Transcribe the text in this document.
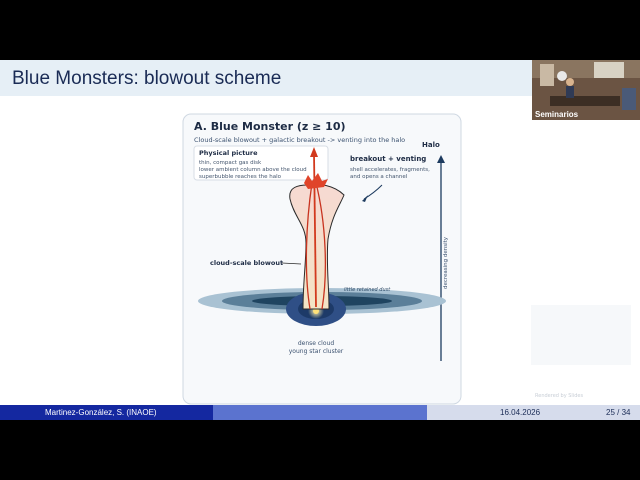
Blue Monsters: blowout scheme
Seminarios
A. Blue Monster (z ≥ 10)
Cloud-scale blowout + galactic breakout -> venting into the halo
Physical picture
thin, compact gas disk
lower ambient column above the cloud
superbubble reaches the halo
Halo
decreasing density
breakout + venting
shell accelerates, fragments,
and opens a channel
cloud-scale blowout
little retained dust
dense cloud
young star cluster
Rendered by Slides
Martinez-González, S. (INAOE)	16.04.2026	25 / 34
